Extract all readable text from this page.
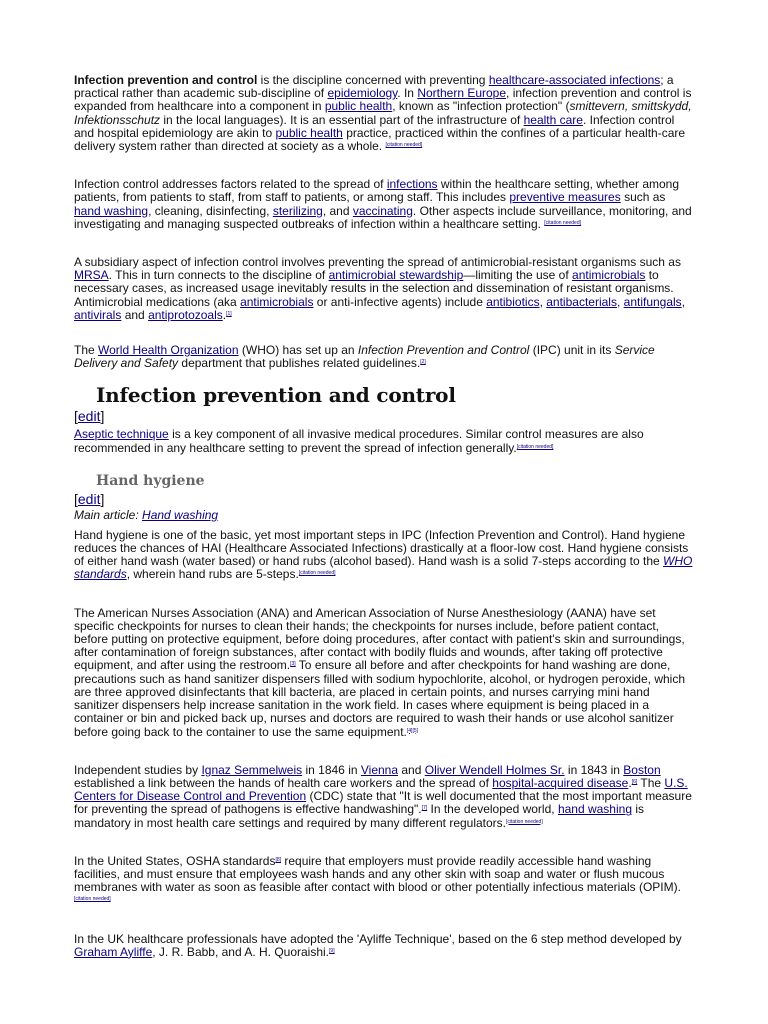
Infection prevention and control is the discipline concerned with preventing healthcare-associated infections; a practical rather than academic sub-discipline of epidemiology. In Northern Europe, infection prevention and control is expanded from healthcare into a component in public health, known as "infection protection" (smittevern, smittskydd, Infektionsschutz in the local languages). It is an essential part of the infrastructure of health care. Infection control and hospital epidemiology are akin to public health practice, practiced within the confines of a particular health-care delivery system rather than directed at society as a whole. [citation needed]

Infection control addresses factors related to the spread of infections within the healthcare setting, whether among patients, from patients to staff, from staff to patients, or among staff. This includes preventive measures such as hand washing, cleaning, disinfecting, sterilizing, and vaccinating. Other aspects include surveillance, monitoring, and investigating and managing suspected outbreaks of infection within a healthcare setting. [citation needed]

A subsidiary aspect of infection control involves preventing the spread of antimicrobial-resistant organisms such as MRSA. This in turn connects to the discipline of antimicrobial stewardship—limiting the use of antimicrobials to necessary cases, as increased usage inevitably results in the selection and dissemination of resistant organisms. Antimicrobial medications (aka antimicrobials or anti-infective agents) include antibiotics, antibacterials, antifungals, antivirals and antiprotozoals.[1]

The World Health Organization (WHO) has set up an Infection Prevention and Control (IPC) unit in its Service Delivery and Safety department that publishes related guidelines.[2]

Infection prevention and control

[edit]

Aseptic technique is a key component of all invasive medical procedures. Similar control measures are also recommended in any healthcare setting to prevent the spread of infection generally.[citation needed]

Hand hygiene

[edit]

Main article: Hand washing

Hand hygiene is one of the basic, yet most important steps in IPC (Infection Prevention and Control). Hand hygiene reduces the chances of HAI (Healthcare Associated Infections) drastically at a floor-low cost. Hand hygiene consists of either hand wash (water based) or hand rubs (alcohol based). Hand wash is a solid 7-steps according to the WHO standards, wherein hand rubs are 5-steps.[citation needed]

The American Nurses Association (ANA) and American Association of Nurse Anesthesiology (AANA) have set specific checkpoints for nurses to clean their hands; the checkpoints for nurses include, before patient contact, before putting on protective equipment, before doing procedures, after contact with patient's skin and surroundings, after contamination of foreign substances, after contact with bodily fluids and wounds, after taking off protective equipment, and after using the restroom.[3] To ensure all before and after checkpoints for hand washing are done, precautions such as hand sanitizer dispensers filled with sodium hypochlorite, alcohol, or hydrogen peroxide, which are three approved disinfectants that kill bacteria, are placed in certain points, and nurses carrying mini hand sanitizer dispensers help increase sanitation in the work field. In cases where equipment is being placed in a container or bin and picked back up, nurses and doctors are required to wash their hands or use alcohol sanitizer before going back to the container to use the same equipment.[4][5]

Independent studies by Ignaz Semmelweis in 1846 in Vienna and Oliver Wendell Holmes Sr. in 1843 in Boston established a link between the hands of health care workers and the spread of hospital-acquired disease.[6] The U.S. Centers for Disease Control and Prevention (CDC) state that "It is well documented that the most important measure for preventing the spread of pathogens is effective handwashing".[7] In the developed world, hand washing is mandatory in most health care settings and required by many different regulators.[citation needed]

In the United States, OSHA standards[8] require that employers must provide readily accessible hand washing facilities, and must ensure that employees wash hands and any other skin with soap and water or flush mucous membranes with water as soon as feasible after contact with blood or other potentially infectious materials (OPIM).[citation needed]

In the UK healthcare professionals have adopted the 'Ayliffe Technique', based on the 6 step method developed by Graham Ayliffe, J. R. Babb, and A. H. Quoraishi.[9]
